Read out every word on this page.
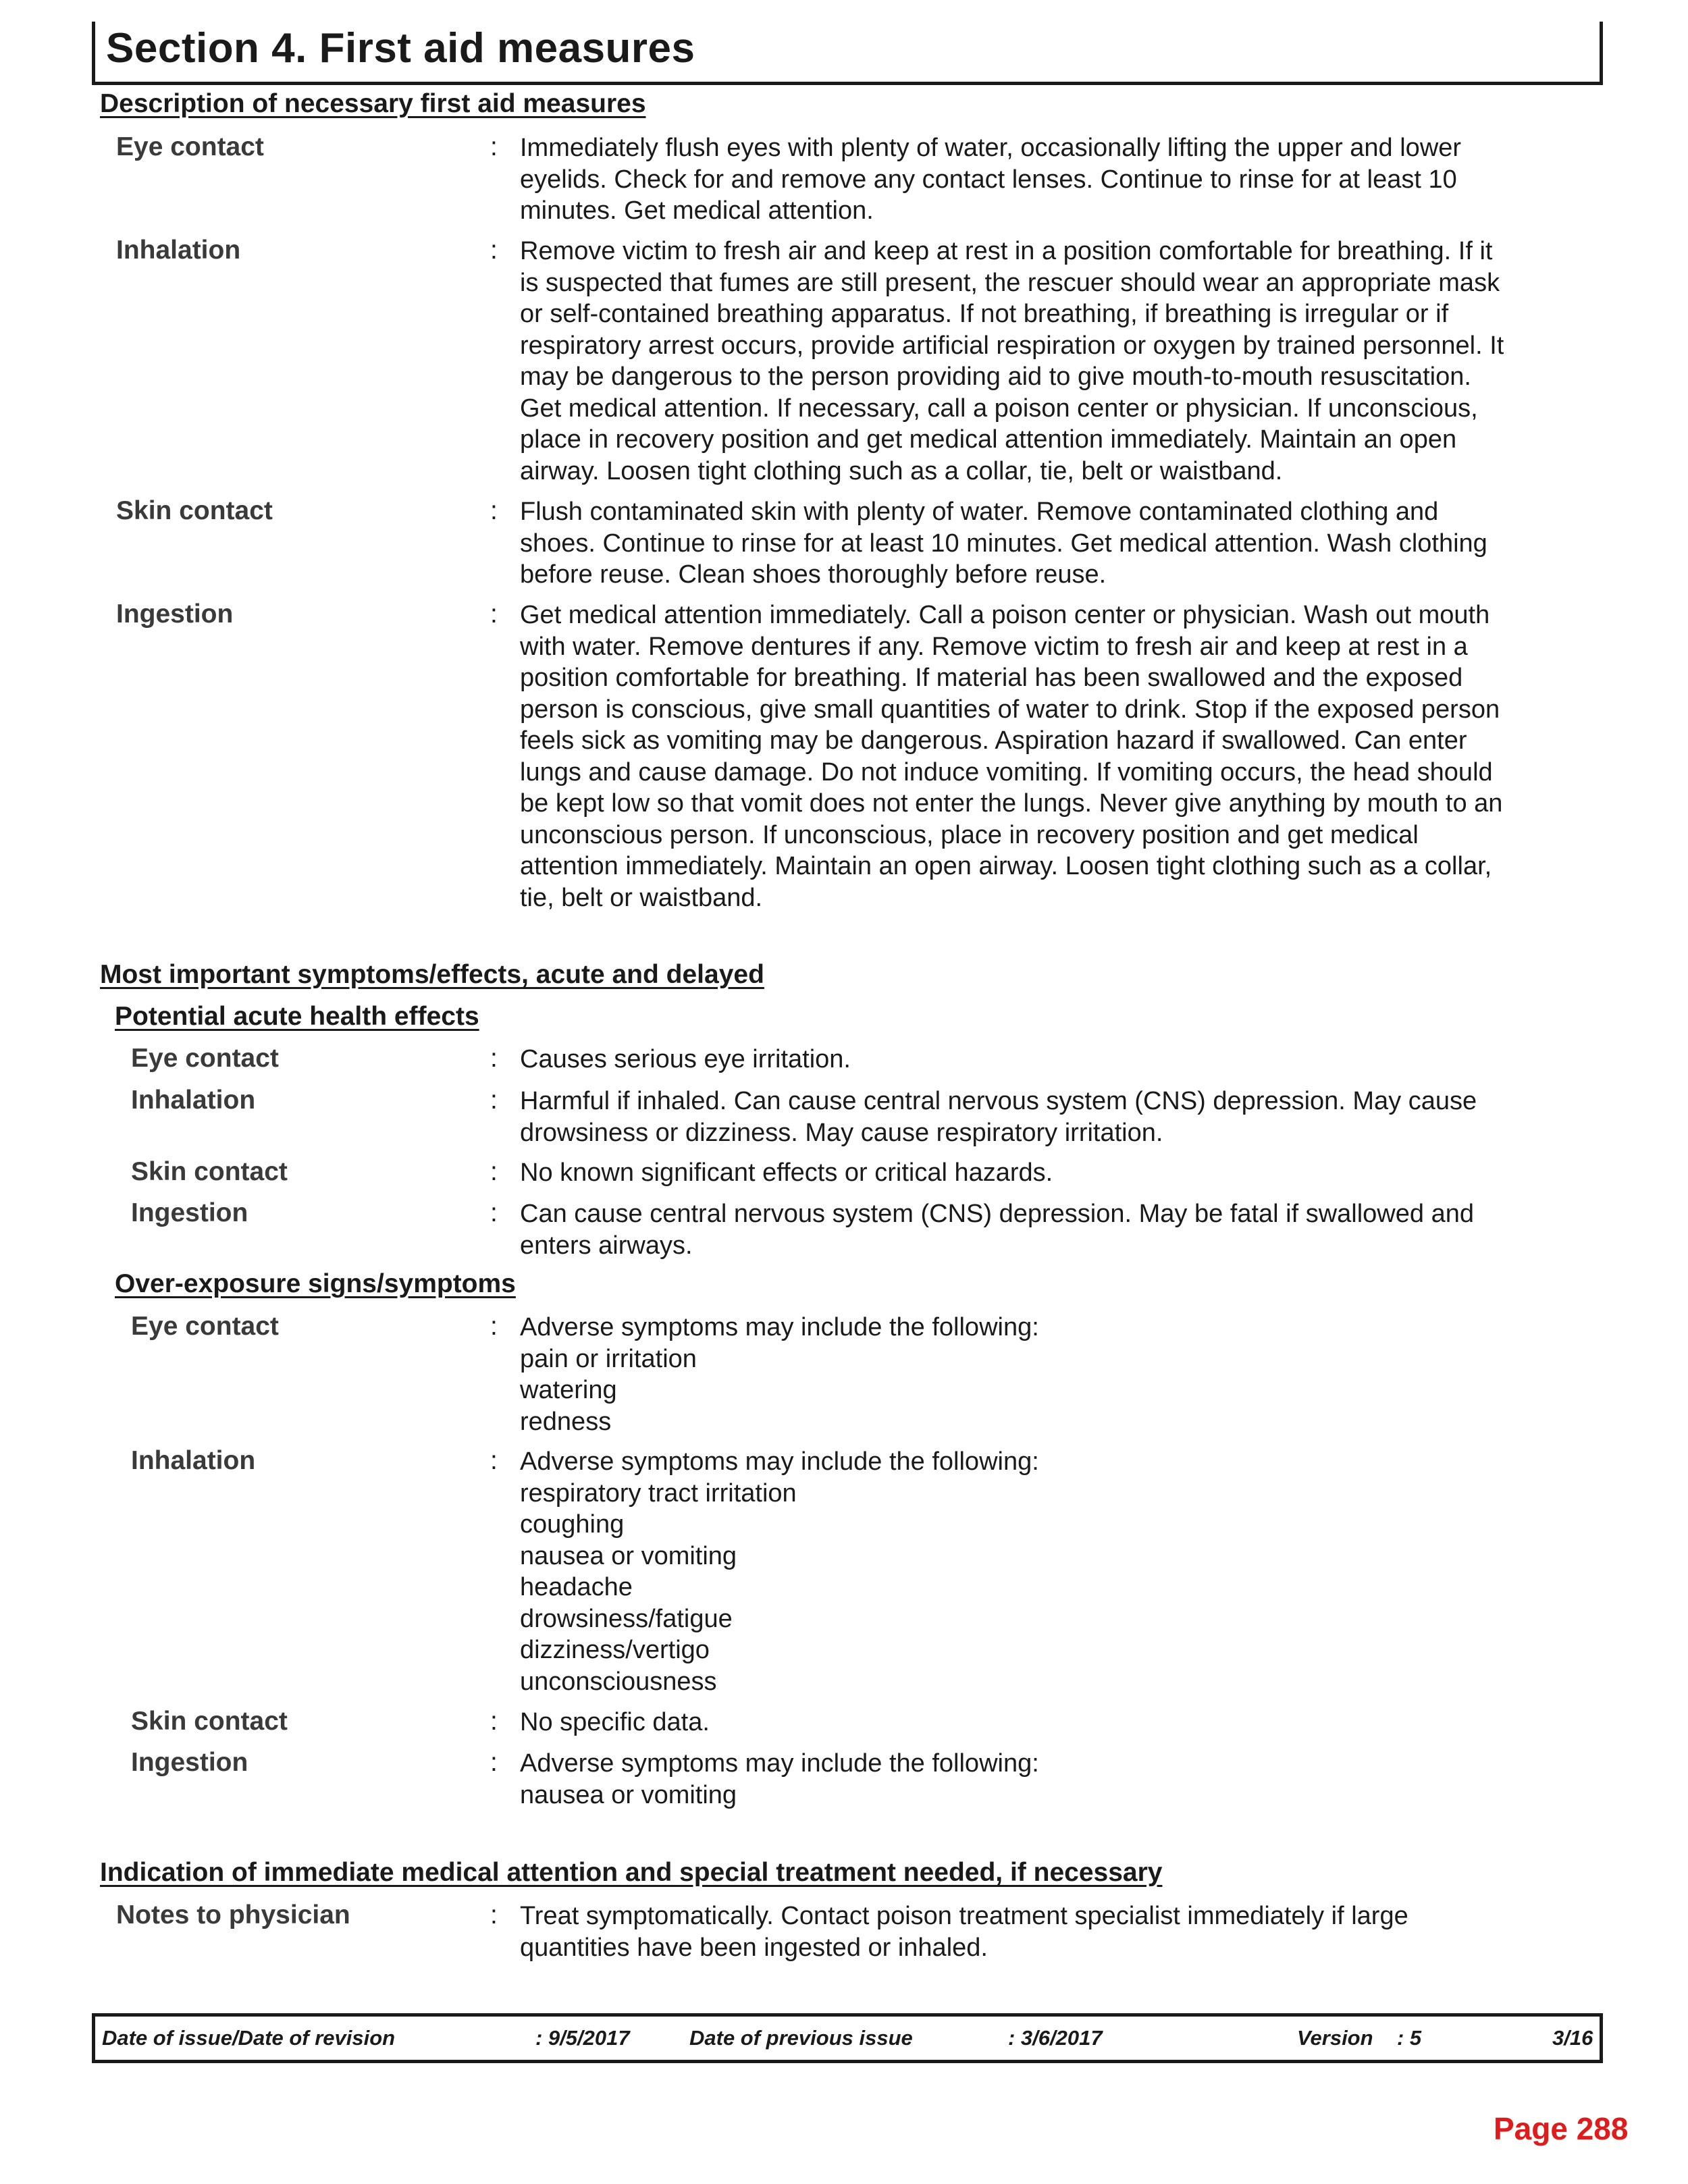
Section 4. First aid measures
Description of necessary first aid measures
Eye contact	: Immediately flush eyes with plenty of water, occasionally lifting the upper and lower
eyelids. Check for and remove any contact lenses. Continue to rinse for at least 10
minutes. Get medical attention.
Inhalation	: Remove victim to fresh air and keep at rest in a position comfortable for breathing. If it
is suspected that fumes are still present, the rescuer should wear an appropriate mask
or self-contained breathing apparatus. If not breathing, if breathing is irregular or if
respiratory arrest occurs, provide artificial respiration or oxygen by trained personnel. It
may be dangerous to the person providing aid to give mouth-to-mouth resuscitation.
Get medical attention. If necessary, call a poison center or physician. If unconscious,
place in recovery position and get medical attention immediately. Maintain an open
airway. Loosen tight clothing such as a collar, tie, belt or waistband.
Skin contact	: Flush contaminated skin with plenty of water. Remove contaminated clothing and
shoes. Continue to rinse for at least 10 minutes. Get medical attention. Wash clothing
before reuse. Clean shoes thoroughly before reuse.
Ingestion	: Get medical attention immediately. Call a poison center or physician. Wash out mouth
with water. Remove dentures if any. Remove victim to fresh air and keep at rest in a
position comfortable for breathing. If material has been swallowed and the exposed
person is conscious, give small quantities of water to drink. Stop if the exposed person
feels sick as vomiting may be dangerous. Aspiration hazard if swallowed. Can enter
lungs and cause damage. Do not induce vomiting. If vomiting occurs, the head should
be kept low so that vomit does not enter the lungs. Never give anything by mouth to an
unconscious person. If unconscious, place in recovery position and get medical
attention immediately. Maintain an open airway. Loosen tight clothing such as a collar,
tie, belt or waistband.
Most important symptoms/effects, acute and delayed
Potential acute health effects
Eye contact	: Causes serious eye irritation.
Inhalation	: Harmful if inhaled. Can cause central nervous system (CNS) depression. May cause
drowsiness or dizziness. May cause respiratory irritation.
Skin contact	: No known significant effects or critical hazards.
Ingestion	: Can cause central nervous system (CNS) depression. May be fatal if swallowed and
enters airways.
Over-exposure signs/symptoms
Eye contact	: Adverse symptoms may include the following:
pain or irritation
watering
redness
Inhalation	: Adverse symptoms may include the following:
respiratory tract irritation
coughing
nausea or vomiting
headache
drowsiness/fatigue
dizziness/vertigo
unconsciousness
Skin contact	: No specific data.
Ingestion	: Adverse symptoms may include the following:
nausea or vomiting
Indication of immediate medical attention and special treatment needed, if necessary
Notes to physician	: Treat symptomatically. Contact poison treatment specialist immediately if large
quantities have been ingested or inhaled.
Date of issue/Date of revision	: 9/5/2017	Date of previous issue	: 3/6/2017	Version : 5	3/16
Page 288
